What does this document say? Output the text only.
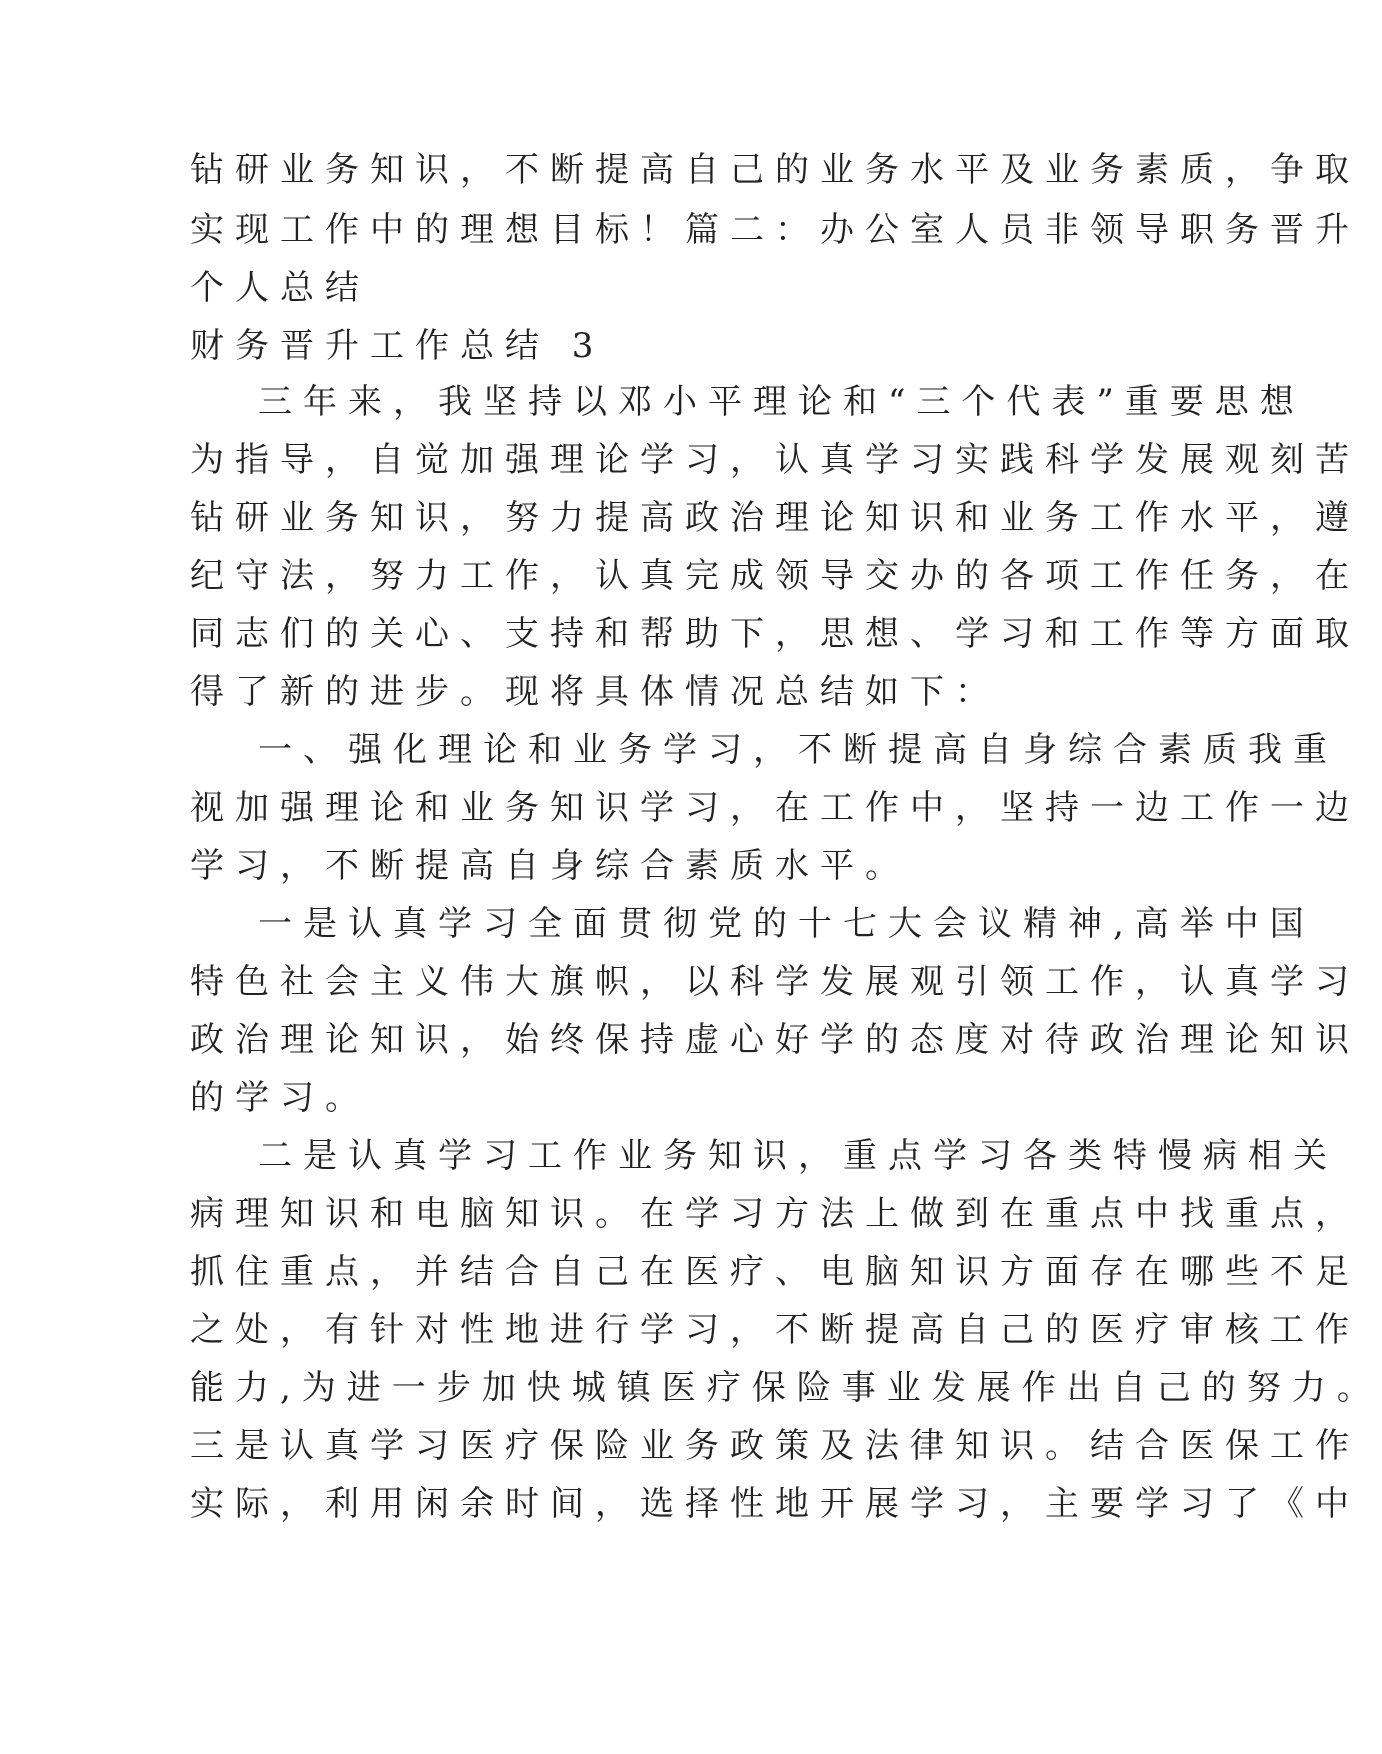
钻研业务知识，不断提高自己的业务水平及业务素质，争取
实现工作中的理想目标！篇二：办公室人员非领导职务晋升
个人总结
财务晋升工作总结 3
三年来，我坚持以邓小平理论和“三个代表”重要思想
为指导，自觉加强理论学习，认真学习实践科学发展观刻苦
钻研业务知识，努力提高政治理论知识和业务工作水平，遵
纪守法，努力工作，认真完成领导交办的各项工作任务，在
同志们的关心、支持和帮助下，思想、学习和工作等方面取
得了新的进步。现将具体情况总结如下：
一、强化理论和业务学习，不断提高自身综合素质我重
视加强理论和业务知识学习，在工作中，坚持一边工作一边
学习，不断提高自身综合素质水平。
一是认真学习全面贯彻党的十七大会议精神,高举中国
特色社会主义伟大旗帜，以科学发展观引领工作，认真学习
政治理论知识，始终保持虚心好学的态度对待政治理论知识
的学习。
二是认真学习工作业务知识，重点学习各类特慢病相关
病理知识和电脑知识。在学习方法上做到在重点中找重点，
抓住重点，并结合自己在医疗、电脑知识方面存在哪些不足
之处，有针对性地进行学习，不断提高自己的医疗审核工作
能力,为进一步加快城镇医疗保险事业发展作出自己的努力。
三是认真学习医疗保险业务政策及法律知识。结合医保工作
实际，利用闲余时间，选择性地开展学习，主要学习了《中
